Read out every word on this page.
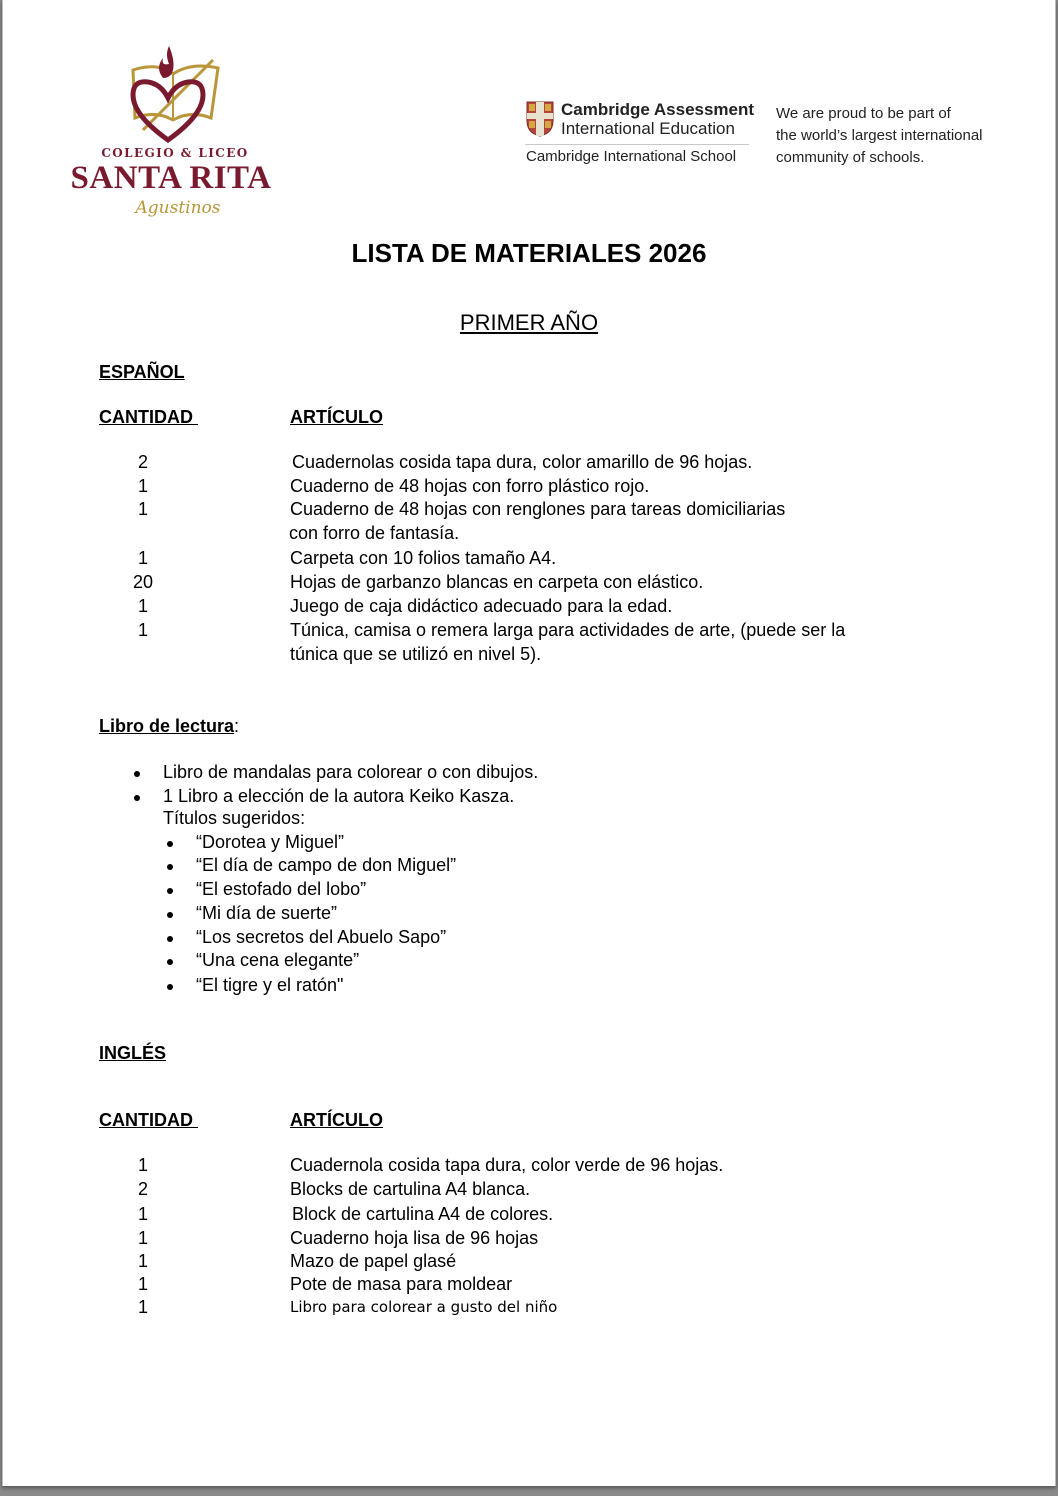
COLEGIO & LICEO
SANTA RITA
Agustinos
Cambridge Assessment
International Education
Cambridge International School
We are proud to be part of
the world’s largest international
community of schools.
LISTA DE MATERIALES 2026
PRIMER AÑO
ESPAÑOL
CANTIDAD	ARTÍCULO
2	Cuadernolas cosida tapa dura, color amarillo de 96 hojas.
1	Cuaderno de 48 hojas con forro plástico rojo.
1	Cuaderno de 48 hojas con renglones para tareas domiciliarias
con forro de fantasía.
1	Carpeta con 10 folios tamaño A4.
20	Hojas de garbanzo blancas en carpeta con elástico.
1	Juego de caja didáctico adecuado para la edad.
1	Túnica, camisa o remera larga para actividades de arte, (puede ser la
túnica que se utilizó en nivel 5).
Libro de lectura:
Libro de mandalas para colorear o con dibujos.
1 Libro a elección de la autora Keiko Kasza.
Títulos sugeridos:
“Dorotea y Miguel”
“El día de campo de don Miguel”
“El estofado del lobo”
“Mi día de suerte”
“Los secretos del Abuelo Sapo”
“Una cena elegante”
“El tigre y el ratón"
INGLÉS
CANTIDAD	ARTÍCULO
1	Cuadernola cosida tapa dura, color verde de 96 hojas.
2	Blocks de cartulina A4 blanca.
1	Block de cartulina A4 de colores.
1	Cuaderno hoja lisa de 96 hojas
1	Mazo de papel glasé
1	Pote de masa para moldear
1	Libro para colorear a gusto del niño
